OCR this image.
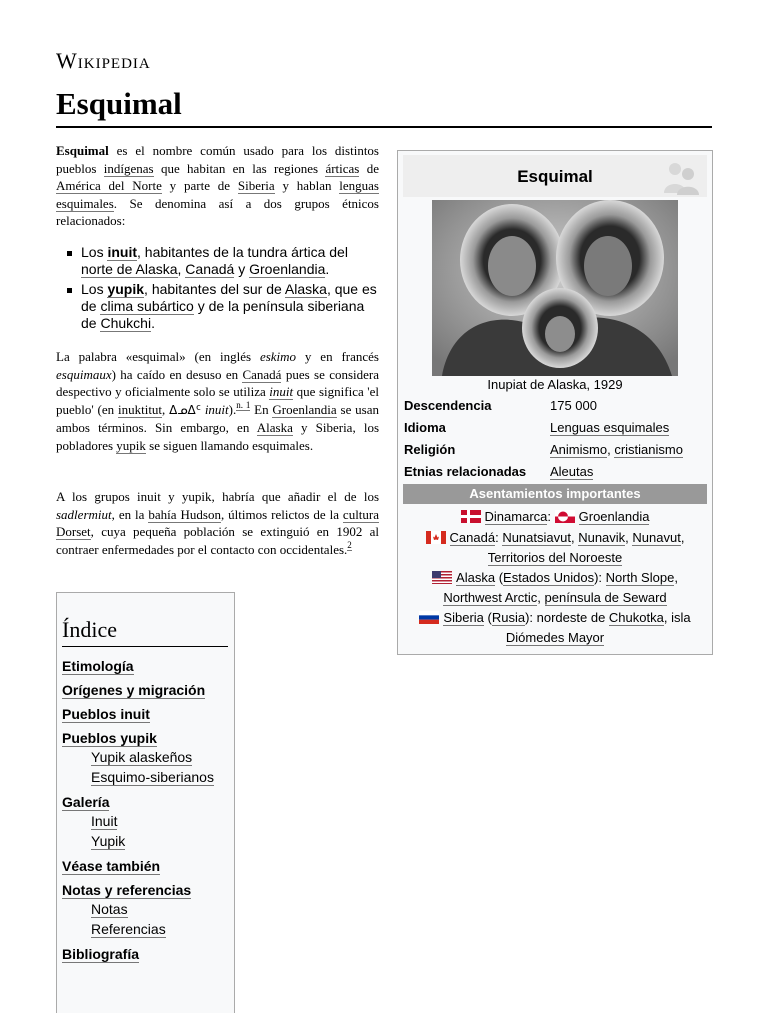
Wikipedia
Esquimal
Esquimal es el nombre común usado para los distintos pueblos indígenas que habitan en las regiones árticas de América del Norte y parte de Siberia y hablan lenguas esquimales. Se denomina así a dos grupos étnicos relacionados:
Los inuit, habitantes de la tundra ártica del norte de Alaska, Canadá y Groenlandia.
Los yupik, habitantes del sur de Alaska, que es de clima subártico y de la península siberiana de Chukchi.
La palabra «esquimal» (en inglés eskimo y en francés esquimaux) ha caído en desuso en Canadá pues se considera despectivo y oficialmente solo se utiliza inuit que significa 'el pueblo' (en inuktitut, ᐃᓄᐃᑦ inuit).$^{n. 1}$ En Groenlandia se usan ambos términos. Sin embargo, en Alaska y Siberia, los pobladores yupik se siguen llamando esquimales.
A los grupos inuit y yupik, habría que añadir el de los sadlermiut, en la bahía Hudson, últimos relictos de la cultura Dorset, cuya pequeña población se extinguió en 1902 al contraer enfermedades por el contacto con occidentales.$^2$
Índice
Etimología
Orígenes y migración
Pueblos inuit
Pueblos yupik
Yupik alaskeños
Esquimo-siberianos
Galería
Inuit
Yupik
Véase también
Notas y referencias
Notas
Referencias
Bibliografía
Esquimal
Inupiat de Alaska, 1929
Descendencia	175 000
Idioma	Lenguas esquimales
Religión	Animismo, cristianismo
Etnias relacionadas Aleutas
Asentamientos importantes
Dinamarca: Groenlandia
Canadá: Nunatsiavut, Nunavik, Nunavut,
Territorios del Noroeste
Alaska (Estados Unidos): North Slope,
Northwest Arctic, península de Seward
Siberia (Rusia): nordeste de Chukotka, isla
Diómedes Mayor
